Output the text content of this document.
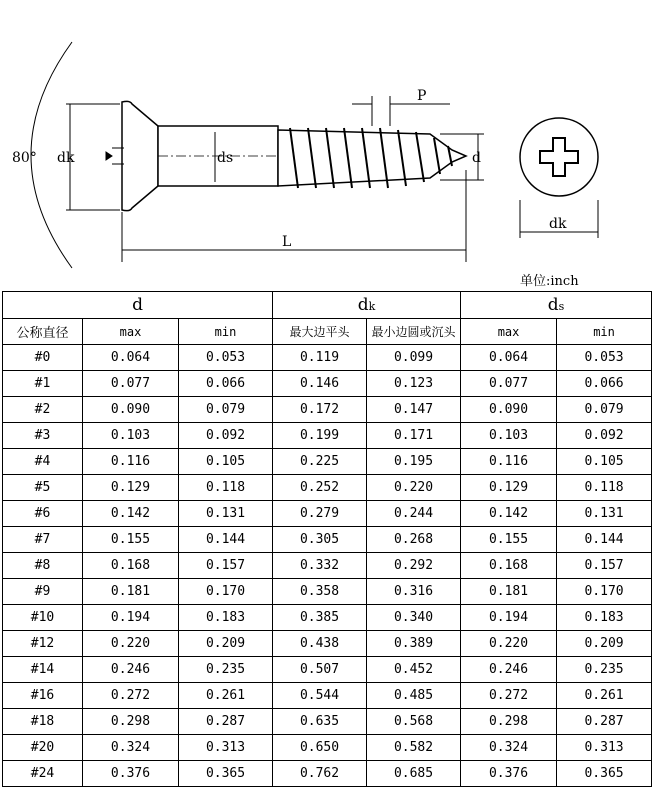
80° dk	ds
P
d
L
dk
单位:inch
d			dk		ds	
公称直径	max	min	最大边平头	最小边圆或沉头	max	min
#0	0.064	0.053	0.119	0.099	0.064	0.053
#1	0.077	0.066	0.146	0.123	0.077	0.066
#2	0.090	0.079	0.172	0.147	0.090	0.079
#3	0.103	0.092	0.199	0.171	0.103	0.092
#4	0.116	0.105	0.225	0.195	0.116	0.105
#5	0.129	0.118	0.252	0.220	0.129	0.118
#6	0.142	0.131	0.279	0.244	0.142	0.131
#7	0.155	0.144	0.305	0.268	0.155	0.144
#8	0.168	0.157	0.332	0.292	0.168	0.157
#9	0.181	0.170	0.358	0.316	0.181	0.170
#10	0.194	0.183	0.385	0.340	0.194	0.183
#12	0.220	0.209	0.438	0.389	0.220	0.209
#14	0.246	0.235	0.507	0.452	0.246	0.235
#16	0.272	0.261	0.544	0.485	0.272	0.261
#18	0.298	0.287	0.635	0.568	0.298	0.287
#20	0.324	0.313	0.650	0.582	0.324	0.313
#24	0.376	0.365	0.762	0.685	0.376	0.365
